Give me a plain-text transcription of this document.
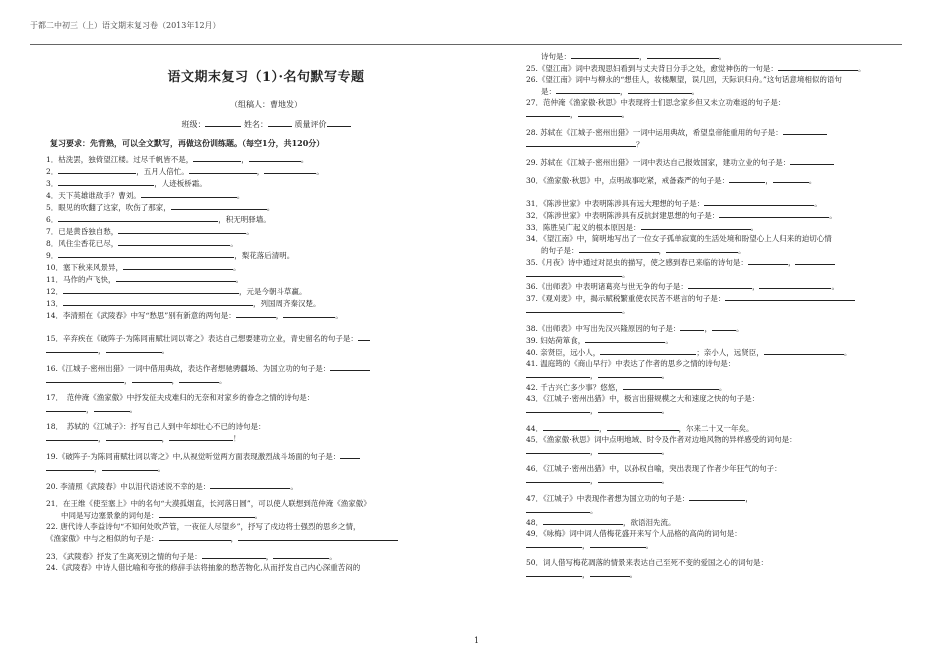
于都二中初三（上）语文期末复习卷（2013年12月）
语文期末复习（1）·名句默写专题
（组稿人：曹地发）
班级：	姓名：	质量评价
复习要求：先背熟，可以全文默写，再做这份训练题。（每空1分，共120分）
1．枯洗罢，独倚望江楼。过尽千帆皆不是，	，	。
2．	，五月人倍忙。	，	。
3．	，人迹板桥霜。
4．天下英雄谁敌手？曹刘。	。
5．眼见的吹翻了这家，吹伤了那家，	。
6．	，积无明驿墙。
7．已是黄昏独自愁，	。
8．风住尘香花已尽，	。
9．	，梨花落后清明。
10．塞下秋来风景异，	。
11．马作的卢飞快，	。
12．	，元是今朝斗草赢。
13．	，列国周齐秦汉楚。
14．李清照在《武陵春》中写“愁思”别有新意的两句是：	，	。
15．辛弃疾在《破阵子·为陈同甫赋壮词以寄之》表达自己想要建功立业，青史留名的句子是：
，	。
16.《江城子·密州出猎》一词中借用典故，表达作者想驰骋疆场、为国立功的句子是：
，	，	。
17．　范仲淹《渔家傲》中抒发征夫戍难归的无奈和对家乡的眷念之情的诗句是：
，	。
18．　苏轼的《江城子》：抒写自己人到中年却壮心不已的诗句是：
，	，	！
19.《破阵子·为陈同甫赋壮词以寄之》中,从视觉听觉两方面表现激烈战斗场面的句子是：
，	。
20. 李清照《武陵春》中以泪代语述说不幸的是：	。
21．在王维《使至塞上》中的名句“大漠孤烟直，长河落日圆”，可以使人联想到范仲淹《渔家傲》
　　中同是写边塞景象的词句是：	。
22. 唐代诗人李益诗句“不知何处吹芦管，一夜征人尽望乡”，抒写了戍边将士强烈的思乡之情，
《渔家傲》中与之相似的句子是：	，
23．《武陵春》抒发了生离死别之情的句子是：	，	。
24.《武陵春》中诗人借比喻和夸张的修辞手法将抽象的愁苦物化,从而抒发自己内心深重苦闷的
　　诗句是：	，	。
25.《望江南》词中表现思妇看到与丈夫背日分手之处，愈觉神伤的一句是：	。
26.《望江南》词中与柳永的“想佳人，妆楼颙望，误几回，天际识归舟。”这句话意境相似的语句
　　是：	，	。
27．范仲淹《渔家傲·秋思》中表现将士们思念家乡但又未立功难返的句子是：
，	。
28. 苏轼在《江城子·密州出猎》一词中运用典故，希望皇帝能重用的句子是：
？
29. 苏轼在《江城子·密州出猎》一词中表达自己报效国家，建功立业的句子是：
30．《渔家傲·秋思》中，点明战事吃紧，戒备森严的句子是：	，	。
31．《陈涉世家》中表明陈涉具有远大理想的句子是：	。
32．《陈涉世家》中表明陈涉具有反抗封建思想的句子是：	。
33．陈胜吴广起义的根本原因是：	。
34．《望江南》中，简明地写出了一位女子孤单寂寞的生活处境和盼望心上人归来的迫切心情
　　的句子是：	，	。
35.《月夜》诗中通过对昆虫的描写，使之感到春已来临的诗句是：	，
。
36.《出师表》中表明诸葛亮与世无争的句子是：	，	。
37.《观刈麦》中，揭示赋税繁重使农民苦不堪言的句子是：
。
38.《出师表》中写出先汉兴隆原因的句子是：	，	。
39. 妇姑荷箪食，	。
40. 亲贤臣，远小人，	；亲小人，远贤臣，	。
41. 温庭筠的《商山早行》中表达了作者的思乡之情的诗句是：
，	。
42. 千古兴亡多少事？悠悠，	。
43．《江城子·密州出猎》中，极言出猎规模之大和速度之快的句子是：
，	。
44．	，	，尔来二十又一年矣。
45．《渔家傲·秋思》词中点明地域、时令及作者对边地风物的异样感受的词句是：
，	。
46．《江城子·密州出猎》中，以孙权自喻，突出表现了作者少年狂气的句子：
，	。
47．《江城子》中表现作者想为国立功的句子是：	，
。
48．	，欲语泪先流。
49．《咏梅》词中词人借梅花盛开来写个人品格的高尚的词句是：
，	。
50．词人借写梅花凋落的情景来表达自己至死不变的爱国之心的词句是：
，	。
1
